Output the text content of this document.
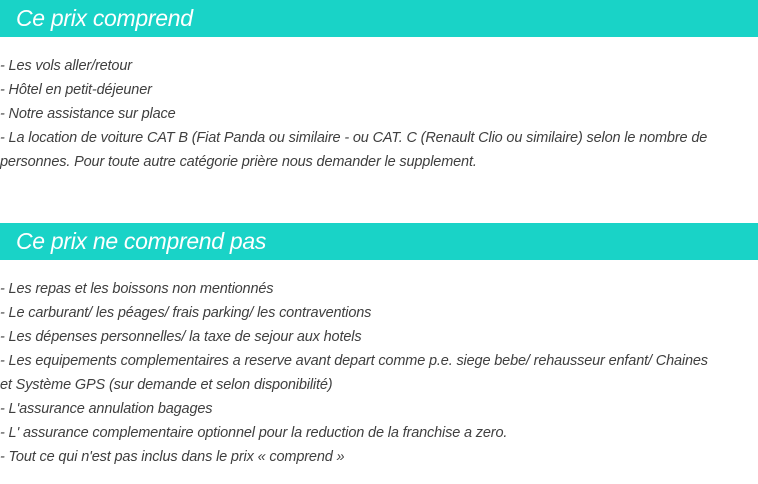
Ce prix comprend
- Les vols aller/retour
- Hôtel en petit-déjeuner
- Notre assistance sur place
- La location de voiture CAT B (Fiat Panda ou similaire - ou CAT. C (Renault Clio ou similaire) selon le nombre de personnes. Pour toute autre catégorie prière nous demander le supplement.
Ce prix ne comprend pas
- Les repas et les boissons non mentionnés
- Le carburant/ les péages/ frais parking/ les contraventions
- Les dépenses personnelles/ la taxe de sejour aux hotels
- Les equipements complementaires a reserve avant depart comme p.e. siege bebe/ rehausseur enfant/ Chaines et Système GPS (sur demande et selon disponibilité)
- L'assurance annulation bagages
- L' assurance complementaire optionnel pour la reduction de la franchise a zero.
- Tout ce qui n'est pas inclus dans le prix « comprend »
